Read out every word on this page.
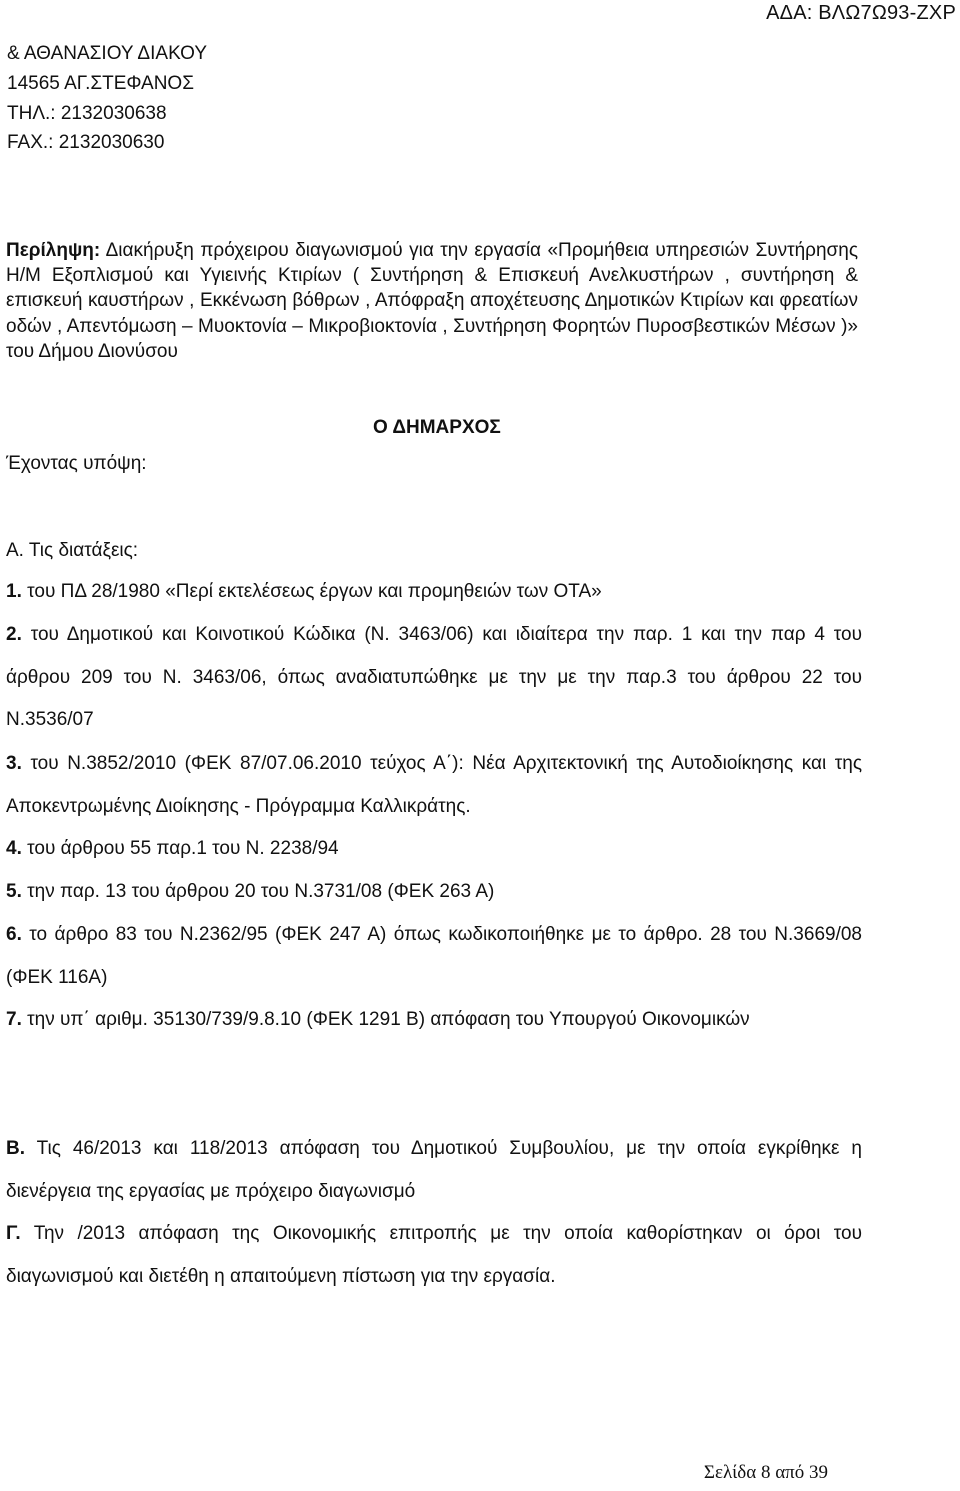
ΑΔΑ: ΒΛΩ7Ω93-ΖΧΡ
& ΑΘΑΝΑΣΙΟΥ ΔΙΑΚΟΥ
14565 ΑΓ.ΣΤΕΦΑΝΟΣ
ΤΗΛ.: 2132030638
FAX.: 2132030630
Περίληψη: Διακήρυξη πρόχειρου διαγωνισμού για την εργασία «Προμήθεια υπηρεσιών Συντήρησης Η/Μ Εξοπλισμού και Υγιεινής Κτιρίων ( Συντήρηση & Επισκευή Ανελκυστήρων , συντήρηση & επισκευή καυστήρων , Εκκένωση βόθρων , Απόφραξη αποχέτευσης Δημοτικών Κτιρίων και φρεατίων οδών , Απεντόμωση – Μυοκτονία – Μικροβιοκτονία , Συντήρηση Φορητών Πυροσβεστικών Μέσων )» του Δήμου Διονύσου
Ο ΔΗΜΑΡΧΟΣ
Έχοντας υπόψη:
Α. Τις διατάξεις:
1. του ΠΔ 28/1980 «Περί εκτελέσεως έργων και προμηθειών των ΟΤΑ»
2. του Δημοτικού και Κοινοτικού Κώδικα (Ν. 3463/06) και ιδιαίτερα την παρ. 1 και την παρ 4 του άρθρου 209 του Ν. 3463/06, όπως αναδιατυπώθηκε με την με την παρ.3 του άρθρου 22 του Ν.3536/07
3. του Ν.3852/2010 (ΦΕΚ 87/07.06.2010 τεύχος Α΄): Νέα Αρχιτεκτονική της Αυτοδιοίκησης και της Αποκεντρωμένης Διοίκησης - Πρόγραμμα Καλλικράτης.
4. του άρθρου 55 παρ.1 του Ν. 2238/94
5. την παρ. 13 του άρθρου 20 του Ν.3731/08 (ΦΕΚ 263 Α)
6. το άρθρο 83 του Ν.2362/95 (ΦΕΚ 247 Α) όπως κωδικοποιήθηκε με το άρθρο. 28 του Ν.3669/08 (ΦΕΚ 116Α)
7. την υπ΄ αριθμ. 35130/739/9.8.10 (ΦΕΚ 1291 Β) απόφαση του Υπουργού Οικονομικών
Β. Τις 46/2013 και 118/2013 απόφαση του Δημοτικού Συμβουλίου, με την οποία εγκρίθηκε η διενέργεια της εργασίας με πρόχειρο διαγωνισμό
Γ. Την /2013 απόφαση της Οικονομικής επιτροπής με την οποία καθορίστηκαν οι όροι του διαγωνισμού και διετέθη η απαιτούμενη πίστωση για την εργασία.
Σελίδα 8 από 39
